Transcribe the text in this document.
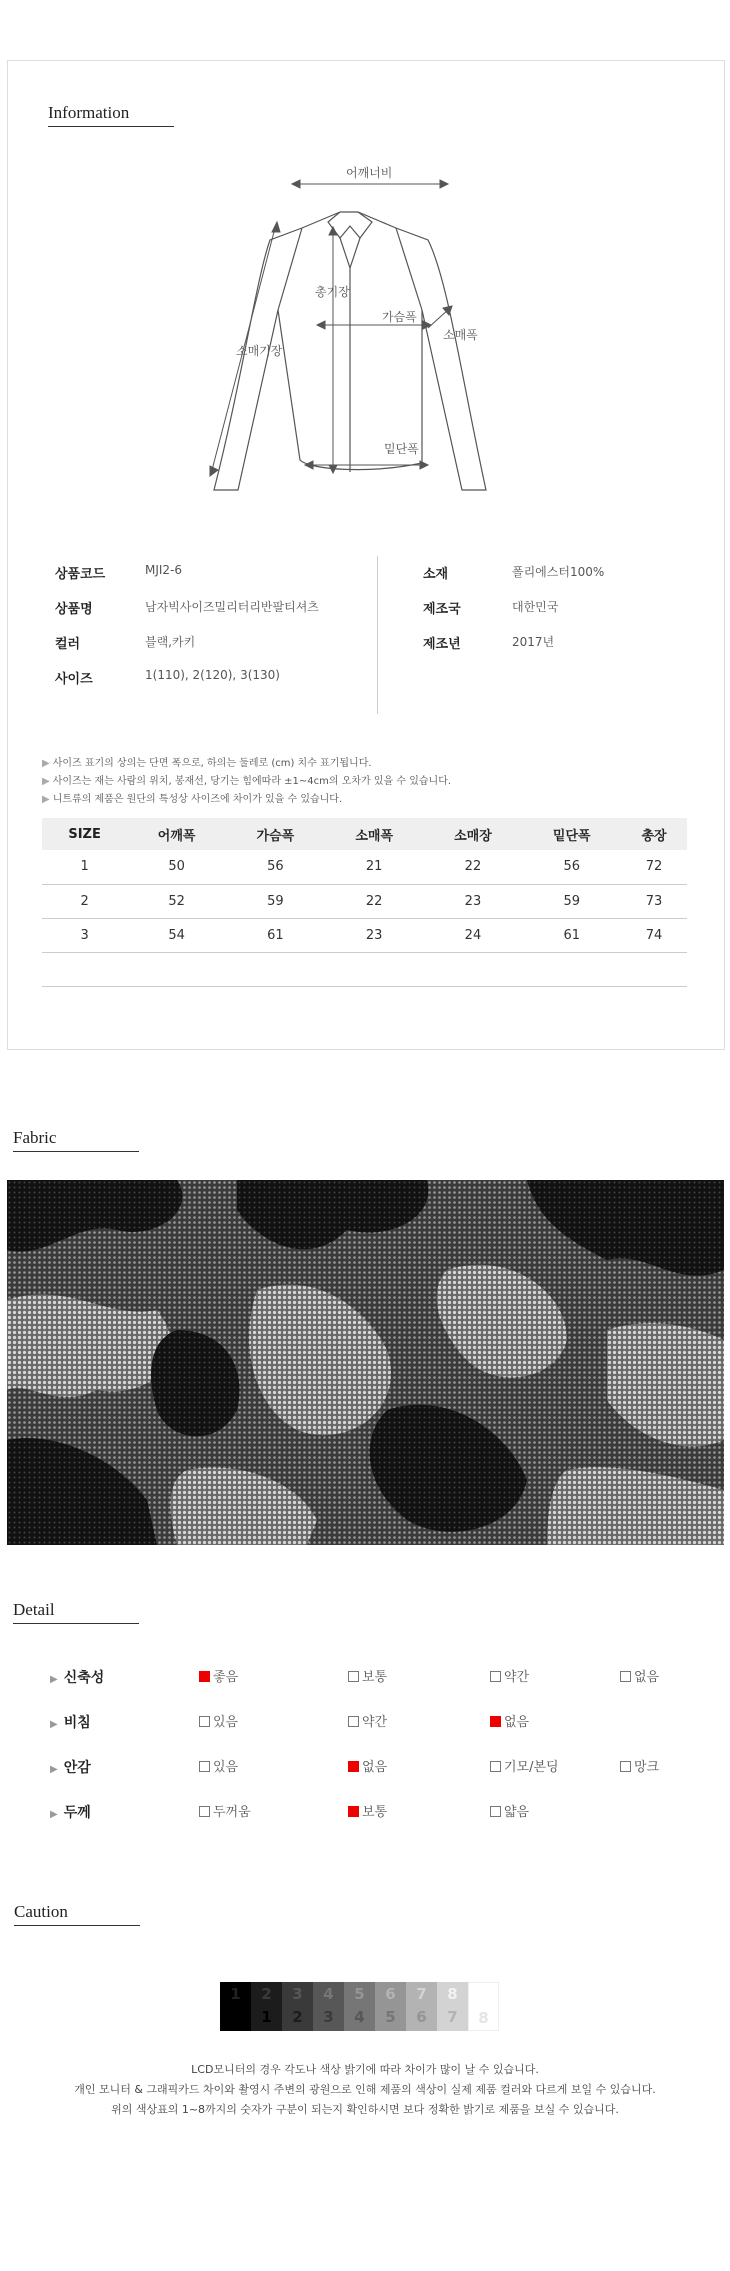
Information
어깨너비
총기장
가슴폭
소매폭
소매기장
밑단폭
상품코드	MJI2-6
상품명	남자빅사이즈밀리터리반팔티셔츠
컬러	블랙,카키
사이즈	1(110), 2(120), 3(130)
소재	폴리에스터100%
제조국	대한민국
제조년	2017년
▶ 사이즈 표기의 상의는 단면 폭으로, 하의는 둘레로 (cm) 치수 표기됩니다.
▶ 사이즈는 재는 사람의 위치, 봉재선, 당기는 힘에따라 ±1~4cm의 오차가 있을 수 있습니다.
▶ 니트류의 제품은 원단의 특성상 사이즈에 차이가 있을 수 있습니다.
SIZE	어깨폭	가슴폭	소매폭	소매장	밑단폭	총장
1	50	56	21	22	56	72
2	52	59	22	23	59	73
3	54	61	23	24	61	74

Fabric
Detail
▶ 신축성	좋음	보통	약간	없음
▶ 비침	있음	약간	없음
▶ 안감	있음	없음	기모/본딩	망크
▶ 두께	두꺼움	보통	얇음
Caution
1	2
1
3
2
4
3
5
4
6
5
7
6
8
7	8
LCD모니터의 경우 각도나 색상 밝기에 따라 차이가 많이 날 수 있습니다.
개인 모니터 & 그래픽카드 차이와 촬영시 주변의 광원으로 인해 제품의 색상이 실제 제품 컬러와 다르게 보일 수 있습니다.
위의 색상표의 1~8까지의 숫자가 구분이 되는지 확인하시면 보다 정확한 밝기로 제품을 보실 수 있습니다.
